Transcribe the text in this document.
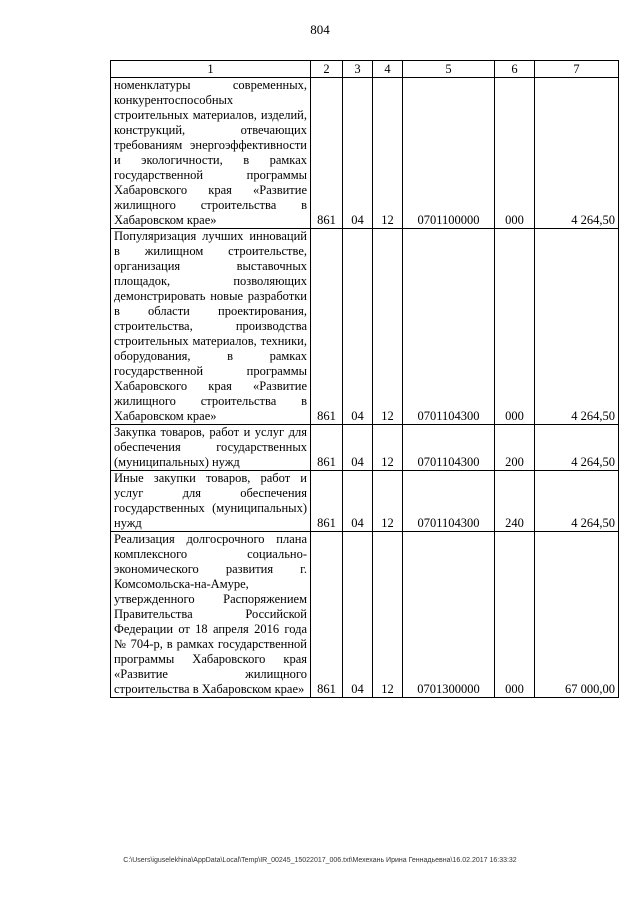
804
1	2	3	4	5	6	7
номенклатуры современных, конкурентоспособных строительных материалов, изделий, конструкций, отвечающих требованиям энергоэффективности и экологичности, в рамках государственной программы Хабаровского края «Развитие жилищного строительства в Хабаровском крае»	861	04	12	0701100000	000	4 264,50
Популяризация лучших инноваций в жилищном строительстве, организация выставочных площадок, позволяющих демонстрировать новые разработки в области проектирования, строительства, производства строительных материалов, техники, оборудования, в рамках государственной программы Хабаровского края «Развитие жилищного строительства в Хабаровском крае»	861	04	12	0701104300	000	4 264,50
Закупка товаров, работ и услуг для обеспечения государственных (муниципальных) нужд	861	04	12	0701104300	200	4 264,50
Иные закупки товаров, работ и услуг для обеспечения государственных (муниципальных) нужд	861	04	12	0701104300	240	4 264,50
Реализация долгосрочного плана комплексного социально-экономического развития г. Комсомольска-на-Амуре, утвержденного Распоряжением Правительства Российской Федерации от 18 апреля 2016 года № 704-р, в рамках государственной программы Хабаровского края «Развитие жилищного строительства в Хабаровском крае»	861	04	12	0701300000	000	67 000,00
C:\Users\iguselekhina\AppData\Local\Temp\IR_00245_15022017_006.txt\Мехехань Ирина Геннадьевна\16.02.2017 16:33:32
